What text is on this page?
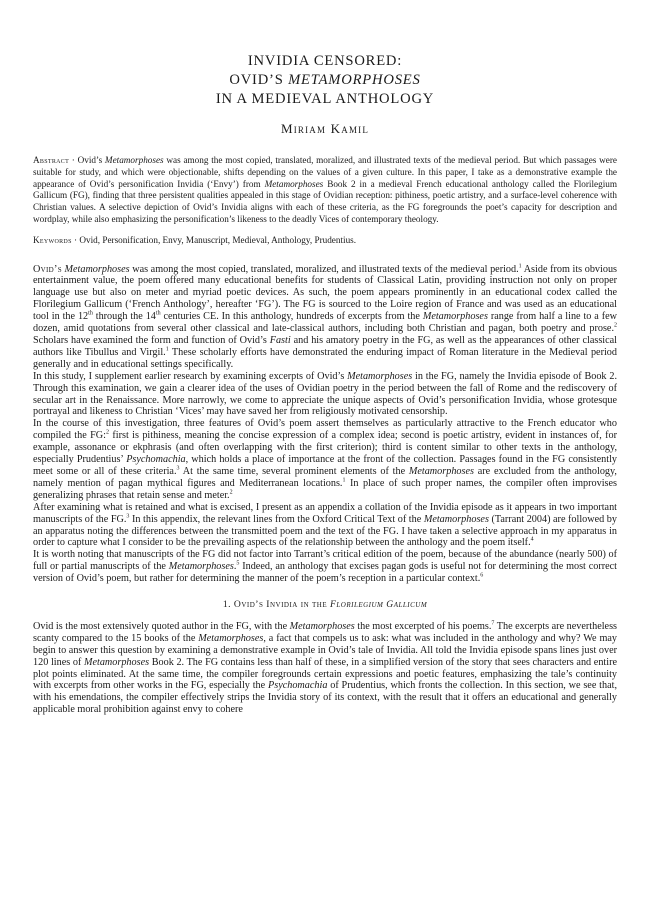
INVIDIA CENSORED:
OVID’S METAMORPHOSES
IN A MEDIEVAL ANTHOLOGY
Miriam Kamil

Abstract · Ovid’s Metamorphoses was among the most copied, translated, moralized, and illustrated texts of the medieval period. But which passages were suitable for study, and which were objectionable, shifts depending on the values of a given culture. In this paper, I take as a demonstrative example the appearance of Ovid’s personification Invidia (‘Envy’) from Metamorphoses Book 2 in a medieval French educational anthology called the Florilegium Gallicum (FG), finding that three persistent qualities appealed in this stage of Ovidian reception: pithiness, poetic artistry, and a surface-level coherence with Christian values. A selective depiction of Ovid’s Invidia aligns with each of these criteria, as the FG foregrounds the poet’s capacity for description and wordplay, while also emphasizing the personification’s likeness to the deadly Vices of contemporary theology.

Keywords · Ovid, Personification, Envy, Manuscript, Medieval, Anthology, Prudentius.

Ovid’s Metamorphoses was among the most copied, translated, moralized, and illustrated texts of the medieval period.$^1$ Aside from its obvious entertainment value, the poem offered many educational benefits for students of Classical Latin, providing instruction not only on proper language use but also on meter and myriad poetic devices. As such, the poem appears prominently in an educational codex called the Florilegium Gallicum (‘French Anthology’, hereafter ‘FG’). The FG is sourced to the Loire region of France and was used as an educational tool in the 12th through the 14th centuries CE. In this anthology, hundreds of excerpts from the Metamorphoses range from half a line to a few dozen, amid quotations from several other classical and late-classical authors, including both Christian and pagan, both poetry and prose.$^2$ Scholars have examined the form and function of Ovid’s Fasti and his amatory poetry in the FG, as well as the appearances of other classical authors like Tibullus and Virgil.$^1$ These scholarly efforts have demonstrated the enduring impact of Roman literature in the Medieval period generally and in educational settings specifically.

In this study, I supplement earlier research by examining excerpts of Ovid’s Metamorphoses in the FG, namely the Invidia episode of Book 2. Through this examination, we gain a clearer idea of the uses of Ovidian poetry in the period between the fall of Rome and the rediscovery of secular art in the Renaissance. More narrowly, we come to appreciate the unique aspects of Ovid’s personification Invidia, whose grotesque portrayal and likeness to Christian ‘Vices’ may have saved her from religiously motivated censorship.

In the course of this investigation, three features of Ovid’s poem assert themselves as particularly attractive to the French educator who compiled the FG:$^2$ first is pithiness, meaning the concise expression of a complex idea; second is poetic artistry, evident in instances of, for example, assonance or ekphrasis (and often overlapping with the first criterion); third is content similar to other texts in the anthology, especially Prudentius’ Psychomachia, which holds a place of importance at the front of the collection. Passages found in the FG consistently meet some or all of these criteria.$^3$ At the same time, several prominent elements of the Metamorphoses are excluded from the anthology, namely mention of pagan mythical figures and Mediterranean locations.$^1$ In place of such proper names, the compiler often improvises generalizing phrases that retain sense and meter.$^2$

After examining what is retained and what is excised, I present as an appendix a collation of the Invidia episode as it appears in two important manuscripts of the FG.$^3$ In this appendix, the relevant lines from the Oxford Critical Text of the Metamorphoses (Tarrant 2004) are followed by an apparatus noting the differences between the transmitted poem and the text of the FG. I have taken a selective approach in my apparatus in order to capture what I consider to be the prevailing aspects of the relationship between the anthology and the poem itself.$^4$

It is worth noting that manuscripts of the FG did not factor into Tarrant’s critical edition of the poem, because of the abundance (nearly 500) of full or partial manuscripts of the Metamorphoses.$^5$ Indeed, an anthology that excises pagan gods is useful not for determining the most correct version of Ovid’s poem, but rather for determining the manner of the poem’s reception in a particular context.$^6$

1. Ovid’s Invidia in the Florilegium Gallicum

Ovid is the most extensively quoted author in the FG, with the Metamorphoses the most excerpted of his poems.$^7$ The excerpts are nevertheless scanty compared to the 15 books of the Metamorphoses, a fact that compels us to ask: what was included in the anthology and why? We may begin to answer this question by examining a demonstrative example in Ovid’s tale of Invidia. All told the Invidia episode spans lines just over 120 lines of Metamorphoses Book 2. The FG contains less than half of these, in a simplified version of the story that sees characters and entire plot points eliminated. At the same time, the compiler foregrounds certain expressions and poetic features, emphasizing the tale’s continuity with excerpts from other works in the FG, especially the Psychomachia of Prudentius, which fronts the collection. In this section, we see that, with his emendations, the compiler effectively strips the Invidia story of its context, with the result that it offers an educational and generally applicable moral prohibition against envy to cohere
